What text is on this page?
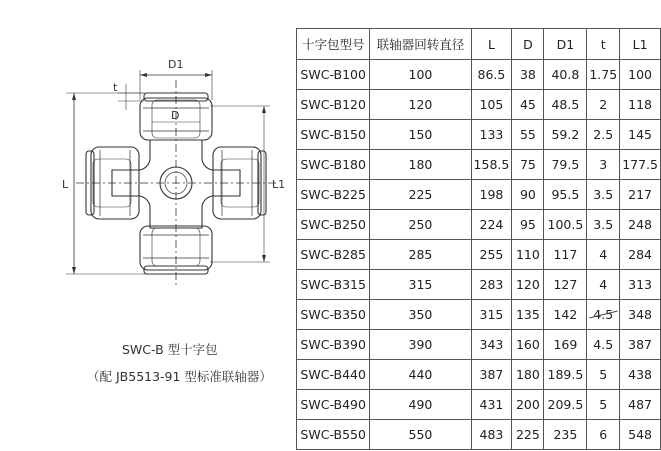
D1
t
D
L	L1
SWC-B 型十字包
（配 JB5513-91 型标准联轴器）
十字包型号	联轴器回转直径	L	D	D1	t	L1
SWC-B100	100	86.5	38	40.8	1.75	100
SWC-B120	120	105	45	48.5	2	118
SWC-B150	150	133	55	59.2	2.5	145
SWC-B180	180	158.5	75	79.5	3	177.5
SWC-B225	225	198	90	95.5	3.5	217
SWC-B250	250	224	95	100.5	3.5	248
SWC-B285	285	255	110	117	4	284
SWC-B315	315	283	120	127	4	313
SWC-B350	350	315	135	142	4.5	348
SWC-B390	390	343	160	169	4.5	387
SWC-B440	440	387	180	189.5	5	438
SWC-B490	490	431	200	209.5	5	487
SWC-B550	550	483	225	235	6	548
